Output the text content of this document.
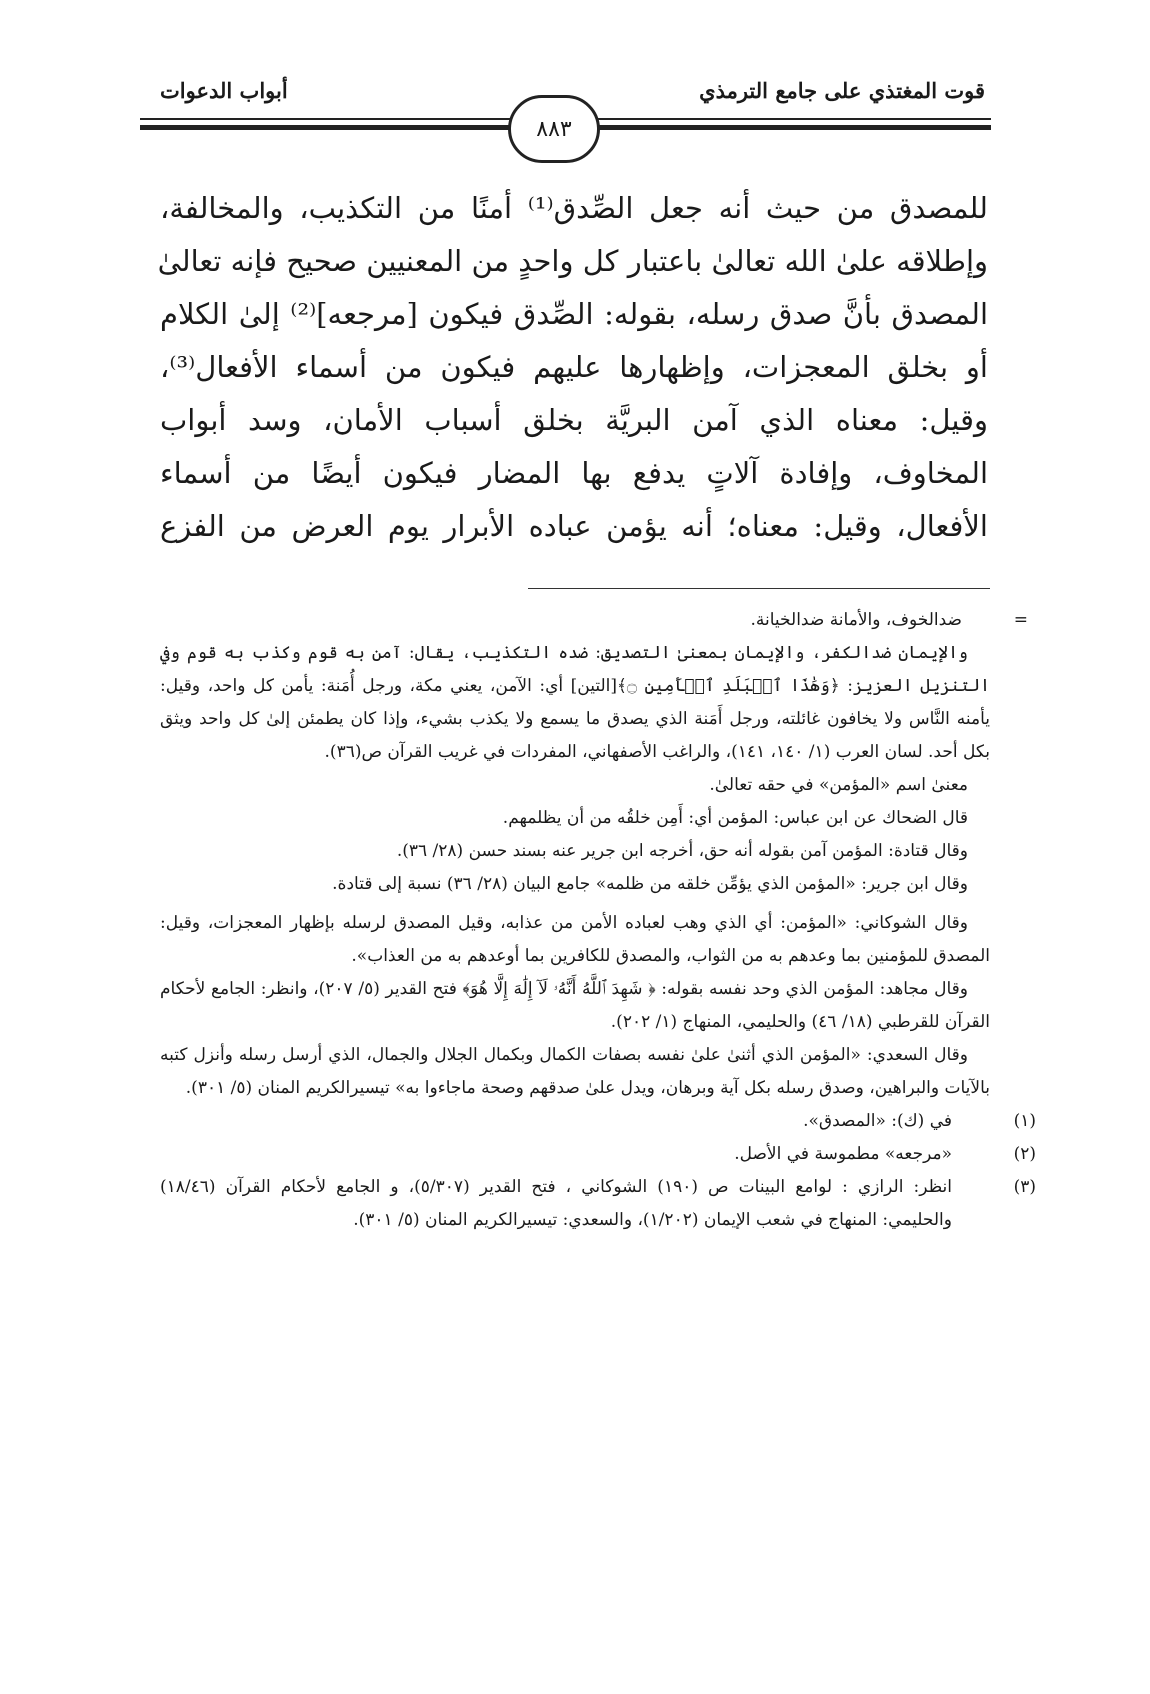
قوت المغتذي على جامع الترمذي
أبواب الدعوات
٨٨٣
للمصدق من حيث أنه جعل الصِّدق⁽¹⁾ أمنًا من التكذيب، والمخالفة،
وإطلاقه علىٰ الله تعالىٰ باعتبار كل واحدٍ من المعنيين صحيح فإنه تعالىٰ
المصدق بأنَّ صدق رسله، بقوله: الصِّدق فيكون [مرجعه]⁽²⁾ إلىٰ الكلام
أو بخلق المعجزات، وإظهارها عليهم فيكون من أسماء الأفعال⁽³⁾،
وقيل: معناه الذي آمن البريَّة بخلق أسباب الأمان، وسد أبواب
المخاوف، وإفادة آلاتٍ يدفع بها المضار فيكون أيضًا من أسماء
الأفعال، وقيل: معناه؛ أنه يؤمن عباده الأبرار يوم العرض من الفزع
=
ضدالخوف، والأمانة ضدالخيانة.
والإيمان ضدالكفر، والإيمان بمعنىٰ التصديق: ضده التكذيب، يقال: آمن به قوم وكذب به قوم وفي التنزيل العزيز: ﴿وَهَٰذَا ٱلۡبَلَدِ ٱلۡأَمِينِ ۝﴾[التين] أي: الآمن، يعني مكة، ورجل أُمَنة: يأمن كل واحد، وقيل: يأمنه النَّاس ولا يخافون غائلته، ورجل أَمَنة الذي يصدق ما يسمع ولا يكذب بشيء، وإذا كان يطمئن إلىٰ كل واحد ويثق بكل أحد. لسان العرب (١/ ١٤٠، ١٤١)، والراغب الأصفهاني، المفردات في غريب القرآن ص(٣٦).
معنىٰ اسم «المؤمن» في حقه تعالىٰ.
قال الضحاك عن ابن عباس: المؤمن أي: أَمِن خلقُه من أن يظلمهم.
وقال قتادة: المؤمن آمن بقوله أنه حق، أخرجه ابن جرير عنه بسند حسن (٢٨/ ٣٦).
وقال ابن جرير: «المؤمن الذي يؤمِّن خلقه من ظلمه» جامع البيان (٢٨/ ٣٦) نسبة إلى قتادة.
وقال الشوكاني: «المؤمن: أي الذي وهب لعباده الأمن من عذابه، وقيل المصدق لرسله بإظهار المعجزات، وقيل: المصدق للمؤمنين بما وعدهم به من الثواب، والمصدق للكافرين بما أوعدهم به من العذاب».
وقال مجاهد: المؤمن الذي وحد نفسه بقوله: ﴿ شَهِدَ ٱللَّهُ أَنَّهُۥ لَآ إِلَٰهَ إِلَّا هُوَ﴾ فتح القدير (٥/ ٢٠٧)، وانظر: الجامع لأحكام القرآن للقرطبي (١٨/ ٤٦) والحليمي، المنهاج (١/ ٢٠٢).
وقال السعدي: «المؤمن الذي أثنىٰ علىٰ نفسه بصفات الكمال وبكمال الجلال والجمال، الذي أرسل رسله وأنزل كتبه بالآيات والبراهين، وصدق رسله بكل آية وبرهان، ويدل علىٰ صدقهم وصحة ماجاءوا به» تيسيرالكريم المنان (٥/ ٣٠١).
(١)
في (ك): «المصدق».
(٢)
«مرجعه» مطموسة في الأصل.
(٣)
انظر: الرازي : لوامع البينات ص (١٩٠) الشوكاني ، فتح القدير (٥/٣٠٧)، و الجامع لأحكام القرآن (١٨/٤٦) والحليمي: المنهاج في شعب الإيمان (١/٢٠٢)، والسعدي: تيسيرالكريم المنان (٥/ ٣٠١).
